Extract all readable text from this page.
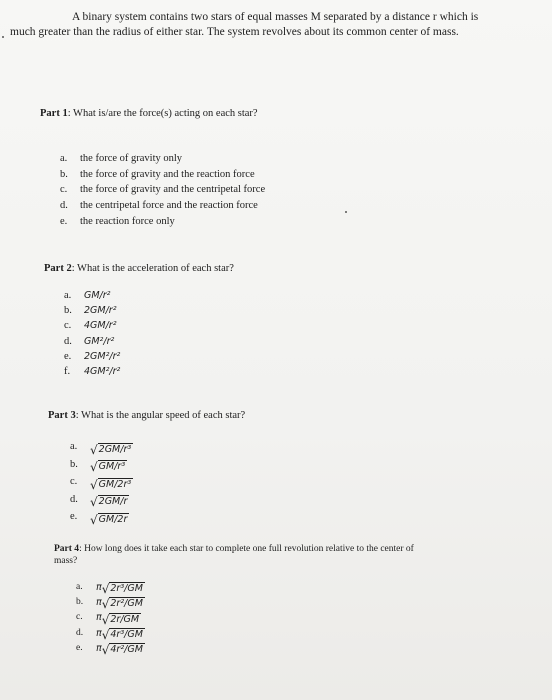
A binary system contains two stars of equal masses M separated by a distance r which is
much greater than the radius of either star. The system revolves about its common center of mass.
Part 1: What is/are the force(s) acting on each star?
a.	the force of gravity only
b.	the force of gravity and the reaction force
c.	the force of gravity and the centripetal force
d.	the centripetal force and the reaction force
e.	the reaction force only
Part 2: What is the acceleration of each star?
a.	GM/r²
b.	2GM/r²
c.	4GM/r²
d.	GM²/r²
e.	2GM²/r²
f.	4GM²/r²
Part 3: What is the angular speed of each star?
a.	√ 2GM/r³
b.	√ GM/r³
c.	√ GM/2r³
d.	√ 2GM/r
e.	√ GM/2r
Part 4: How long does it take each star to complete one full revolution relative to the center of
mass?
a.	π √ 2r³/GM
b.	π √ 2r²/GM
c.	π √ 2r/GM
d.	π √ 4r³/GM
e.	π √ 4r²/GM
